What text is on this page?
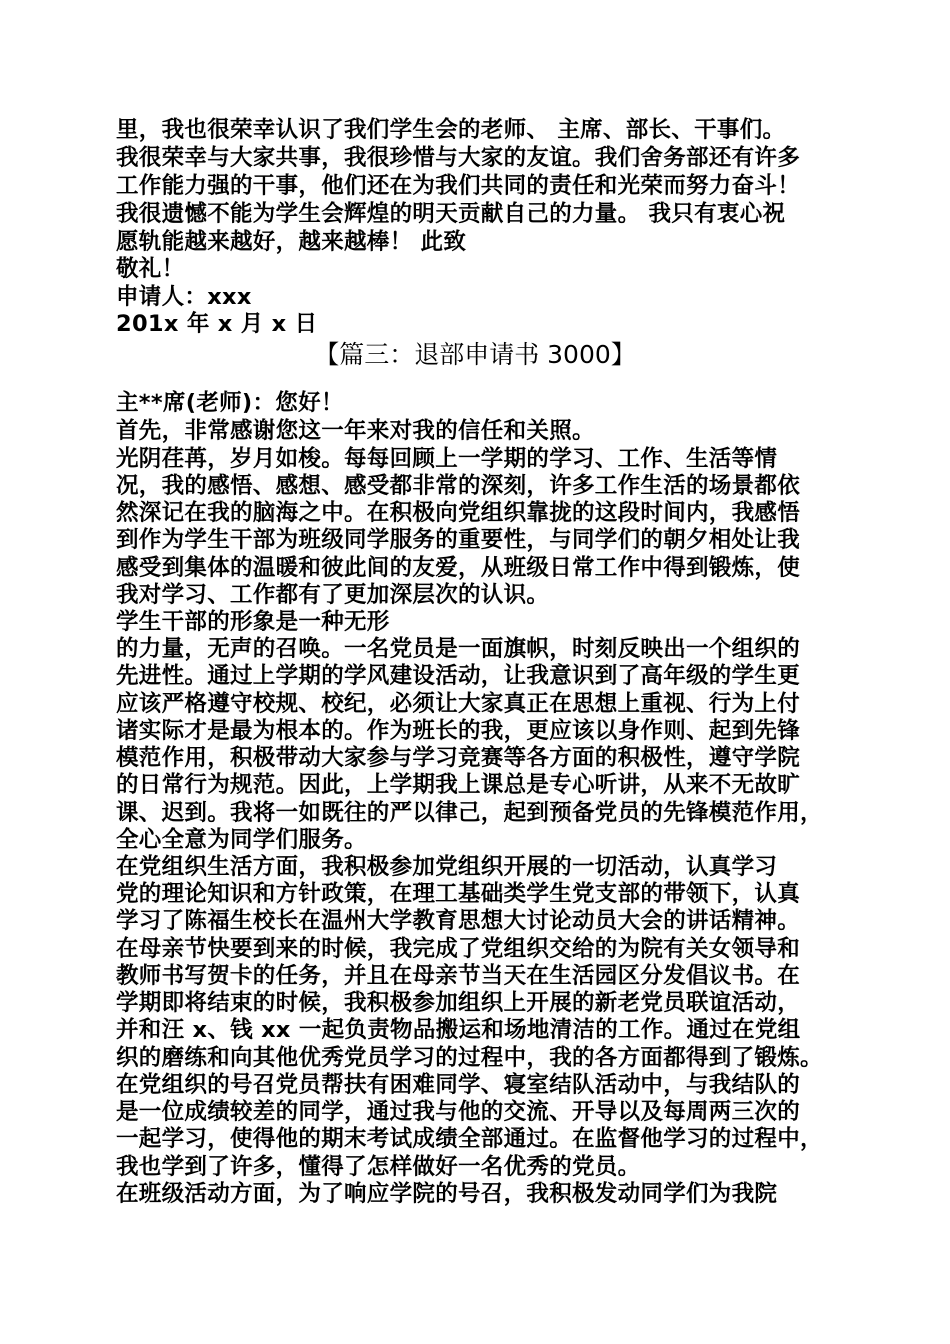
里，我也很荣幸认识了我们学生会的老师、 主席、部长、干事们。
我很荣幸与大家共事，我很珍惜与大家的友谊。我们舍务部还有许多
工作能力强的干事，他们还在为我们共同的责任和光荣而努力奋斗！
我很遗憾不能为学生会辉煌的明天贡献自己的力量。 我只有衷心祝
愿轨能越来越好，越来越棒！ 此致
敬礼！
申请人：xxx
201x 年 x 月 x 日
【篇三：退部申请书 3000】
主**席(老师)：您好！
首先，非常感谢您这一年来对我的信任和关照。
光阴荏苒，岁月如梭。每每回顾上一学期的学习、工作、生活等情
况，我的感悟、感想、感受都非常的深刻，许多工作生活的场景都依
然深记在我的脑海之中。在积极向党组织靠拢的这段时间内，我感悟
到作为学生干部为班级同学服务的重要性，与同学们的朝夕相处让我
感受到集体的温暖和彼此间的友爱，从班级日常工作中得到锻炼，使
我对学习、工作都有了更加深层次的认识。
学生干部的形象是一种无形
的力量，无声的召唤。一名党员是一面旗帜，时刻反映出一个组织的
先进性。通过上学期的学风建设活动，让我意识到了高年级的学生更
应该严格遵守校规、校纪，必须让大家真正在思想上重视、行为上付
诸实际才是最为根本的。作为班长的我，更应该以身作则、起到先锋
模范作用，积极带动大家参与学习竞赛等各方面的积极性，遵守学院
的日常行为规范。因此，上学期我上课总是专心听讲，从来不无故旷
课、迟到。我将一如既往的严以律己，起到预备党员的先锋模范作用，
全心全意为同学们服务。
在党组织生活方面，我积极参加党组织开展的一切活动，认真学习
党的理论知识和方针政策，在理工基础类学生党支部的带领下，认真
学习了陈福生校长在温州大学教育思想大讨论动员大会的讲话精神。
在母亲节快要到来的时候，我完成了党组织交给的为院有关女领导和
教师书写贺卡的任务，并且在母亲节当天在生活园区分发倡议书。在
学期即将结束的时候，我积极参加组织上开展的新老党员联谊活动，
并和汪 x、钱 xx 一起负责物品搬运和场地清洁的工作。通过在党组
织的磨练和向其他优秀党员学习的过程中，我的各方面都得到了锻炼。
在党组织的号召党员帮扶有困难同学、寝室结队活动中，与我结队的
是一位成绩较差的同学，通过我与他的交流、开导以及每周两三次的
一起学习，使得他的期末考试成绩全部通过。在监督他学习的过程中，
我也学到了许多，懂得了怎样做好一名优秀的党员。
在班级活动方面，为了响应学院的号召，我积极发动同学们为我院
